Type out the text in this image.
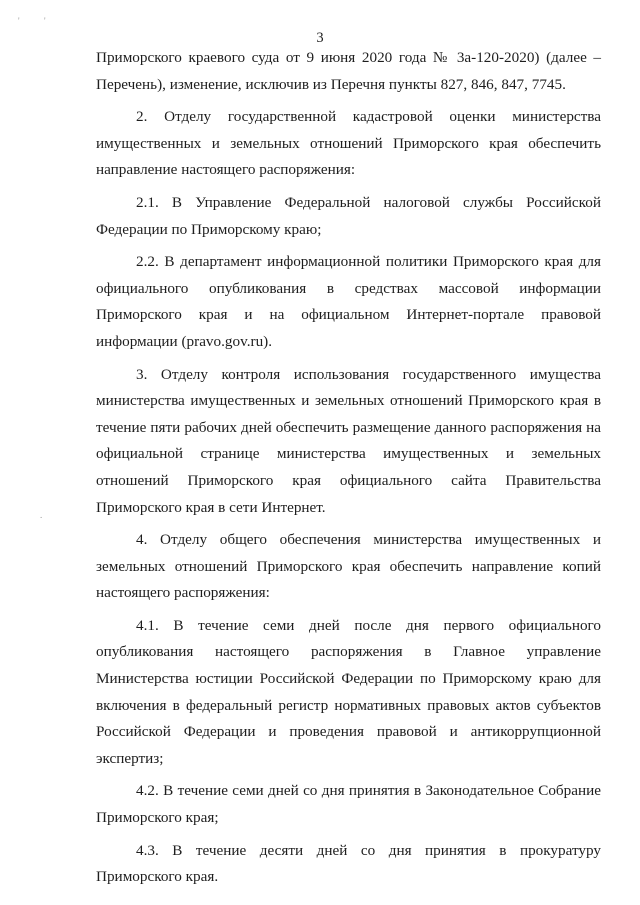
'	'
.
3
Приморского краевого суда от 9 июня 2020 года № 3а-120-2020) (далее –
Перечень), изменение, исключив из Перечня пункты 827, 846, 847, 7745.
2. Отделу государственной кадастровой оценки министерства
имущественных и земельных отношений Приморского края обеспечить
направление настоящего распоряжения:
2.1. В Управление Федеральной налоговой службы Российской
Федерации по Приморскому краю;
2.2. В департамент информационной политики Приморского края для
официального опубликования в средствах массовой информации
Приморского края и на официальном Интернет-портале правовой
информации (pravo.gov.ru).
3. Отделу контроля использования государственного имущества
министерства имущественных и земельных отношений Приморского края в
течение пяти рабочих дней обеспечить размещение данного распоряжения на
официальной странице министерства имущественных и земельных
отношений Приморского края официального сайта Правительства
Приморского края в сети Интернет.
4. Отделу общего обеспечения министерства имущественных и
земельных отношений Приморского края обеспечить направление копий
настоящего распоряжения:
4.1. В течение семи дней после дня первого официального
опубликования настоящего распоряжения в Главное управление
Министерства юстиции Российской Федерации по Приморскому краю для
включения в федеральный регистр нормативных правовых актов субъектов
Российской Федерации и проведения правовой и антикоррупционной
экспертиз;
4.2. В течение семи дней со дня принятия в Законодательное Собрание
Приморского края;
4.3. В течение десяти дней со дня принятия в прокуратуру
Приморского края.
